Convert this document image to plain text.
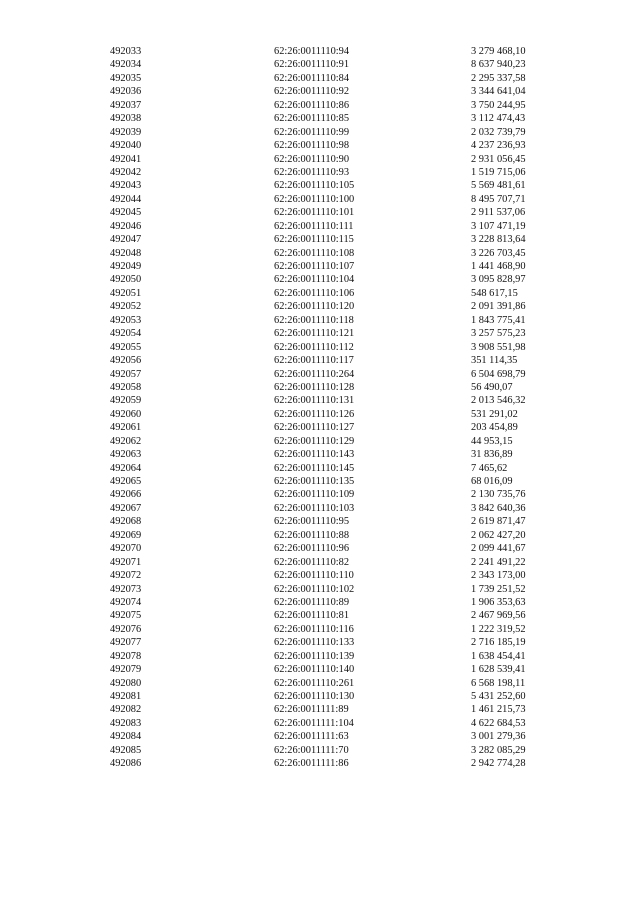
492033	62:26:0011110:94	3 279 468,10
492034	62:26:0011110:91	8 637 940,23
492035	62:26:0011110:84	2 295 337,58
492036	62:26:0011110:92	3 344 641,04
492037	62:26:0011110:86	3 750 244,95
492038	62:26:0011110:85	3 112 474,43
492039	62:26:0011110:99	2 032 739,79
492040	62:26:0011110:98	4 237 236,93
492041	62:26:0011110:90	2 931 056,45
492042	62:26:0011110:93	1 519 715,06
492043	62:26:0011110:105	5 569 481,61
492044	62:26:0011110:100	8 495 707,71
492045	62:26:0011110:101	2 911 537,06
492046	62:26:0011110:111	3 107 471,19
492047	62:26:0011110:115	3 228 813,64
492048	62:26:0011110:108	3 226 703,45
492049	62:26:0011110:107	1 441 468,90
492050	62:26:0011110:104	3 095 828,97
492051	62:26:0011110:106	548 617,15
492052	62:26:0011110:120	2 091 391,86
492053	62:26:0011110:118	1 843 775,41
492054	62:26:0011110:121	3 257 575,23
492055	62:26:0011110:112	3 908 551,98
492056	62:26:0011110:117	351 114,35
492057	62:26:0011110:264	6 504 698,79
492058	62:26:0011110:128	56 490,07
492059	62:26:0011110:131	2 013 546,32
492060	62:26:0011110:126	531 291,02
492061	62:26:0011110:127	203 454,89
492062	62:26:0011110:129	44 953,15
492063	62:26:0011110:143	31 836,89
492064	62:26:0011110:145	7 465,62
492065	62:26:0011110:135	68 016,09
492066	62:26:0011110:109	2 130 735,76
492067	62:26:0011110:103	3 842 640,36
492068	62:26:0011110:95	2 619 871,47
492069	62:26:0011110:88	2 062 427,20
492070	62:26:0011110:96	2 099 441,67
492071	62:26:0011110:82	2 241 491,22
492072	62:26:0011110:110	2 343 173,00
492073	62:26:0011110:102	1 739 251,52
492074	62:26:0011110:89	1 906 353,63
492075	62:26:0011110:81	2 467 969,56
492076	62:26:0011110:116	1 222 319,52
492077	62:26:0011110:133	2 716 185,19
492078	62:26:0011110:139	1 638 454,41
492079	62:26:0011110:140	1 628 539,41
492080	62:26:0011110:261	6 568 198,11
492081	62:26:0011110:130	5 431 252,60
492082	62:26:0011111:89	1 461 215,73
492083	62:26:0011111:104	4 622 684,53
492084	62:26:0011111:63	3 001 279,36
492085	62:26:0011111:70	3 282 085,29
492086	62:26:0011111:86	2 942 774,28
